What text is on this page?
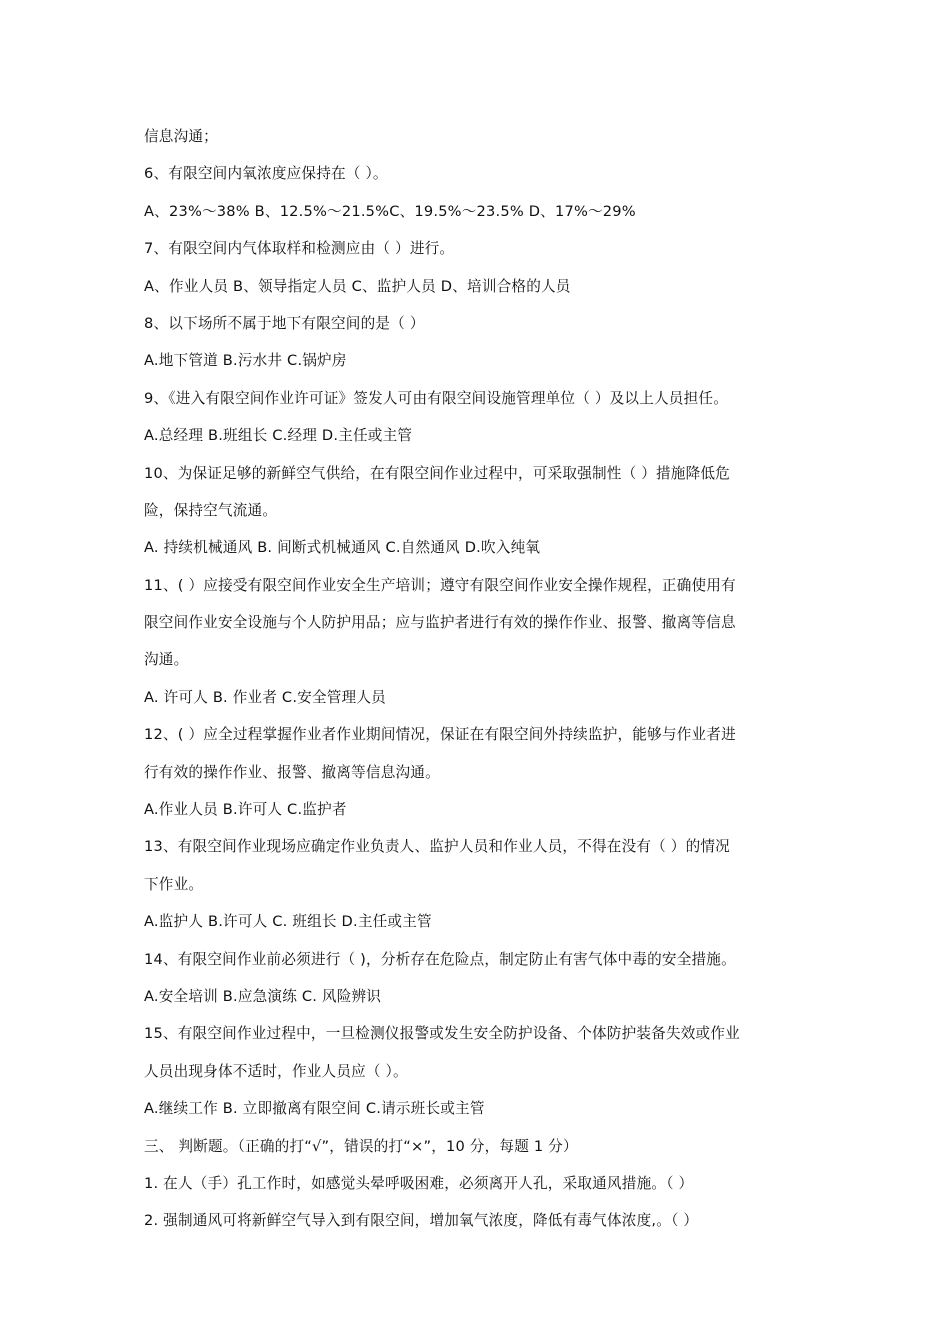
信息沟通；
6、有限空间内氧浓度应保持在（ ）。
A、23%～38% B、12.5%～21.5%C、19.5%～23.5% D、17%～29%
7、有限空间内气体取样和检测应由（ ）进行。
A、作业人员 B、领导指定人员 C、监护人员 D、培训合格的人员
8、以下场所不属于地下有限空间的是（ ）
A.地下管道 B.污水井 C.锅炉房
9、《进入有限空间作业许可证》签发人可由有限空间设施管理单位（ ）及以上人员担任。
A.总经理 B.班组长 C.经理 D.主任或主管
10、为保证足够的新鲜空气供给，在有限空间作业过程中，可采取强制性（ ）措施降低危
险，保持空气流通。
A. 持续机械通风 B. 间断式机械通风 C.自然通风 D.吹入纯氧
11、( ）应接受有限空间作业安全生产培训；遵守有限空间作业安全操作规程，正确使用有
限空间作业安全设施与个人防护用品；应与监护者进行有效的操作作业、报警、撤离等信息
沟通。
A. 许可人 B. 作业者 C.安全管理人员
12、( ）应全过程掌握作业者作业期间情况，保证在有限空间外持续监护，能够与作业者进
行有效的操作作业、报警、撤离等信息沟通。
A.作业人员 B.许可人 C.监护者
13、有限空间作业现场应确定作业负责人、监护人员和作业人员，不得在没有（ ）的情况
下作业。
A.监护人 B.许可人 C. 班组长 D.主任或主管
14、有限空间作业前必须进行（ )，分析存在危险点，制定防止有害气体中毒的安全措施。
A.安全培训 B.应急演练 C. 风险辨识
15、有限空间作业过程中，一旦检测仪报警或发生安全防护设备、个体防护装备失效或作业
人员出现身体不适时，作业人员应（ ）。
A.继续工作 B. 立即撤离有限空间 C.请示班长或主管
三、 判断题。（正确的打“√”，错误的打“×”，10 分，每题 1 分）
1. 在人（手）孔工作时，如感觉头晕呼吸困难，必须离开人孔，采取通风措施。（ ）
2. 强制通风可将新鲜空气导入到有限空间，增加氧气浓度，降低有毒气体浓度,。（ ）
